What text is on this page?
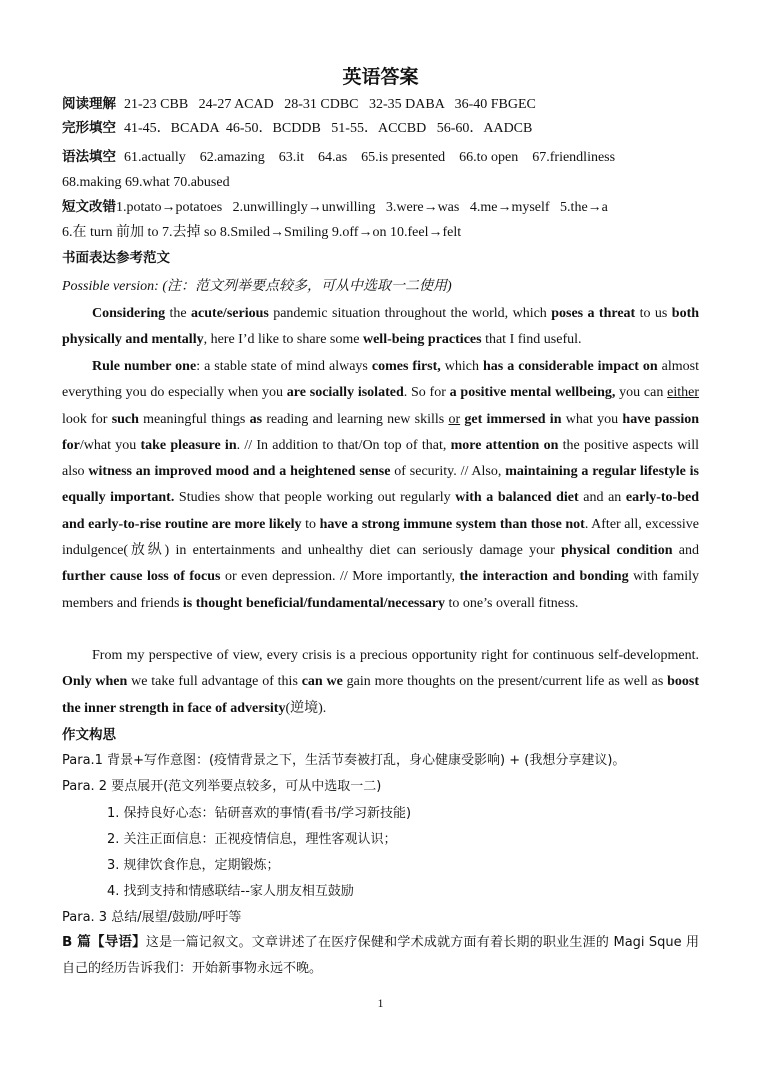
英语答案
阅读理解 21-23 CBB   24-27 ACAD   28-31 CDBC   32-35 DABA   36-40 FBGEC
完形填空 41-45．BCADA  46-50．BCDDB   51-55．ACCBD   56-60．AADCB
语法填空 61.actually    62.amazing    63.it    64.as    65.is presented    66.to open    67.friendliness
68.making 69.what 70.abused
短文改错1.potato→potatoes   2.unwillingly→unwilling   3.were→was   4.me→myself   5.the→a
6.在 turn 前加 to 7.去掉 so 8.Smiled→Smiling 9.off→on 10.feel→felt
书面表达参考范文
Possible version: (注：范文列举要点较多，可从中选取一二使用)

Considering the acute/serious pandemic situation throughout the world, which poses a threat to us both physically and mentally, here I’d like to share some well-being practices that I find useful.

Rule number one: a stable state of mind always comes first, which has a considerable impact on almost everything you do especially when you are socially isolated. So for a positive mental wellbeing, you can either look for such meaningful things as reading and learning new skills or get immersed in what you have passion for/what you take pleasure in. // In addition to that/On top of that, more attention on the positive aspects will also witness an improved mood and a heightened sense of security. // Also, maintaining a regular lifestyle is equally important. Studies show that people working out regularly with a balanced diet and an early-to-bed and early-to-rise routine are more likely to have a strong immune system than those not. After all, excessive indulgence(放纵) in entertainments and unhealthy diet can seriously damage your physical condition and further cause loss of focus or even depression. // More importantly, the interaction and bonding with family members and friends is thought beneficial/fundamental/necessary to one’s overall fitness.

From my perspective of view, every crisis is a precious opportunity right for continuous self-development. Only when we take full advantage of this can we gain more thoughts on the present/current life as well as boost the inner strength in face of adversity(逆境).

作文构思
Para.1 背景+写作意图：(疫情背景之下，生活节奏被打乱，身心健康受影响) + (我想分享建议)。
Para. 2 要点展开(范文列举要点较多，可从中选取一二)
1. 保持良好心态：钻研喜欢的事情(看书/学习新技能)
2. 关注正面信息：正视疫情信息，理性客观认识；
3. 规律饮食作息，定期锻炼；
4. 找到支持和情感联结--家人朋友相互鼓励
Para. 3 总结/展望/鼓励/呼吁等

B 篇【导语】这是一篇记叙文。文章讲述了在医疗保健和学术成就方面有着长期的职业生涯的 Magi Sque 用自己的经历告诉我们：开始新事物永远不晚。

1
